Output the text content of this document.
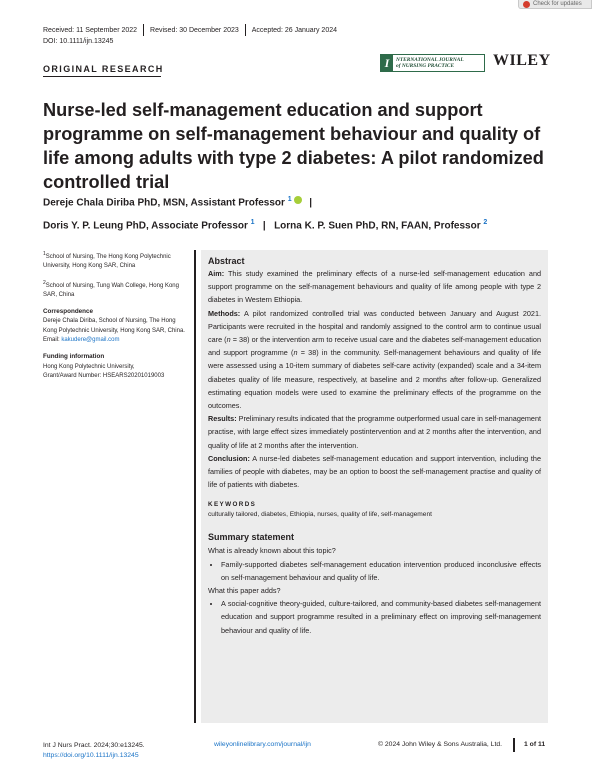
Check for updates
Received: 11 September 2022 Revised: 30 December 2023 Accepted: 26 January 2024
DOI: 10.1111/ijn.13245
ORIGINAL RESEARCH	I	NTERNATIONAL JOURNAL
of NURSING PRACTICE	WILEY
Nurse-led self-management education and support programme on self-management behaviour and quality of life among adults with type 2 diabetes: A pilot randomized controlled trial
Dereje Chala Diriba PhD, MSN, Assistant Professor $^1$ |
Doris Y. P. Leung PhD, Associate Professor $^1$ | Lorna K. P. Suen PhD, RN, FAAN, Professor $^2$

$^1$School of Nursing, The Hong Kong Polytechnic University, Hong Kong SAR, China

$^2$School of Nursing, Tung Wah College, Hong Kong SAR, China

Correspondence
Dereje Chala Diriba, School of Nursing, The Hong Kong Polytechnic University, Hong Kong SAR, China.
Email: kakudere@gmail.com

Funding information
Hong Kong Polytechnic University,
Grant/Award Number: HSEARS20201019003

Abstract

Aim: This study examined the preliminary effects of a nurse-led self-management education and support programme on the self-management behaviours and quality of life among people with type 2 diabetes in Western Ethiopia.

Methods: A pilot randomized controlled trial was conducted between January and August 2021. Participants were recruited in the hospital and randomly assigned to the control arm to continue usual care (n = 38) or the intervention arm to receive usual care and the diabetes self-management education and support programme (n = 38) in the community. Self-management behaviours and quality of life were assessed using a 10-item summary of diabetes self-care activity (expanded) scale and a 34-item diabetes quality of life measure, respectively, at baseline and 2 months after follow-up. Generalized estimating equation models were used to examine the preliminary effects of the programme on the outcomes.

Results: Preliminary results indicated that the programme outperformed usual care in self-management practise, with large effect sizes immediately postintervention and at 2 months after the intervention, and quality of life at 2 months after the intervention.

Conclusion: A nurse-led diabetes self-management education and support intervention, including the families of people with diabetes, may be an option to boost the self-management practise and quality of life of patients with diabetes.

KEYWORDS

culturally tailored, diabetes, Ethiopia, nurses, quality of life, self-management

Summary statement

What is already known about this topic?

• Family-supported diabetes self-management education intervention produced inconclusive effects on self-management behaviour and quality of life.

What this paper adds?

• A social-cognitive theory-guided, culture-tailored, and community-based diabetes self-management education and support programme resulted in a preliminary effect on improving self-management behaviour and quality of life.
Int J Nurs Pract. 2024;30:e13245.
https://doi.org/10.1111/ijn.13245
wileyonlinelibrary.com/journal/ijn	© 2024 John Wiley & Sons Australia, Ltd.	1 of 11
